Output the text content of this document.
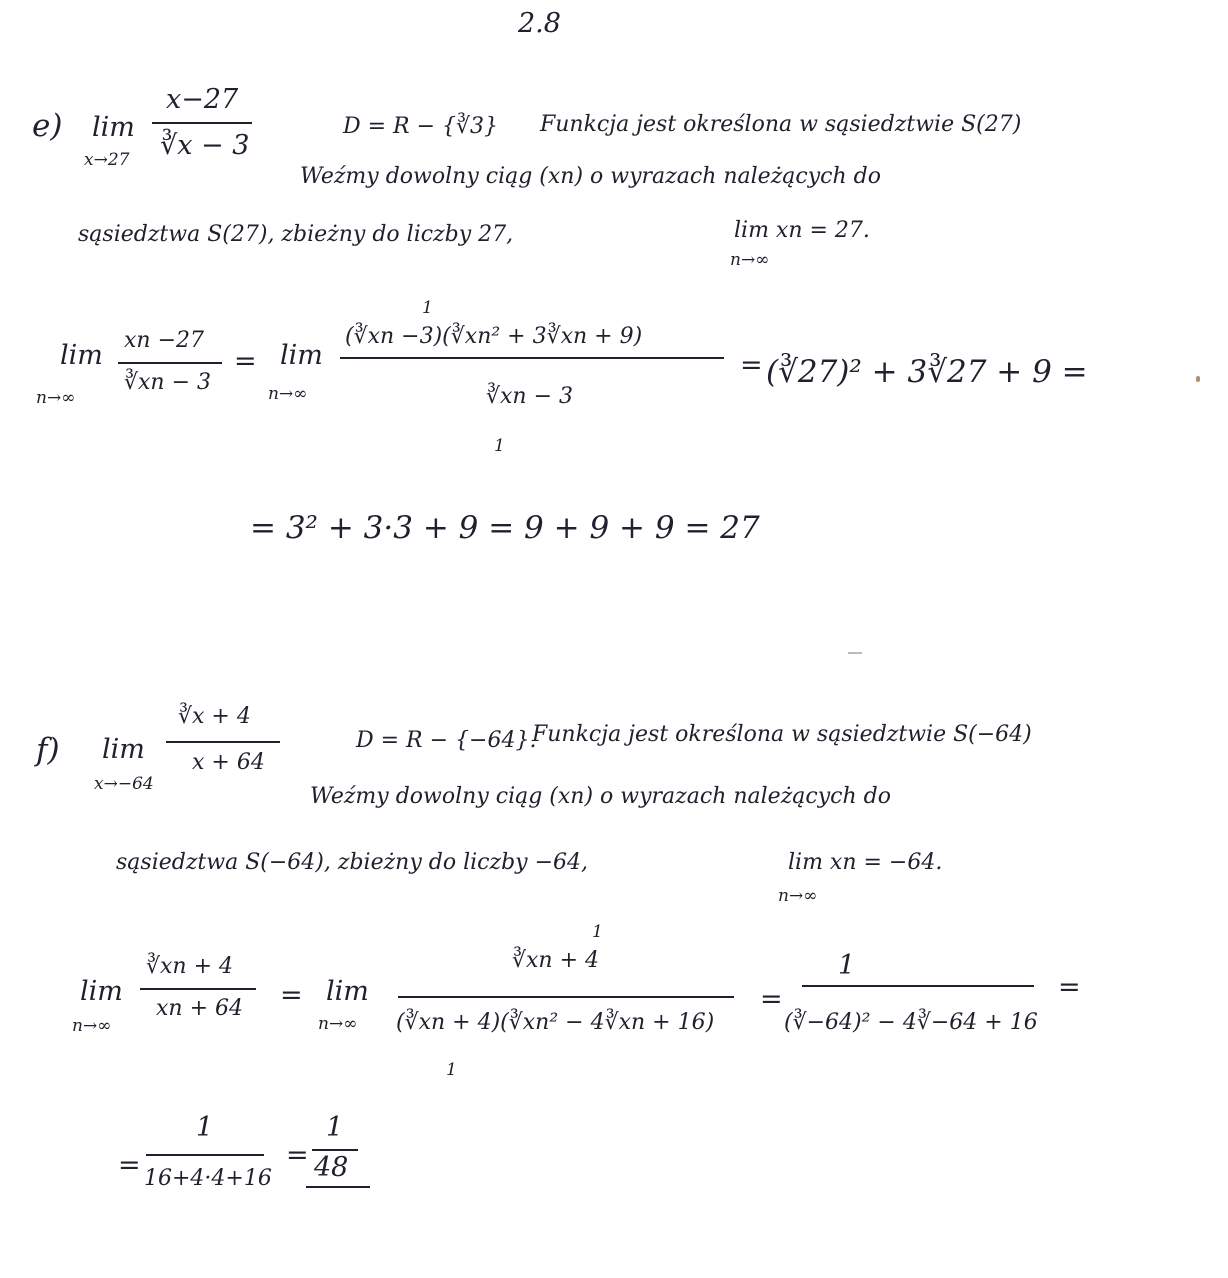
2.8
e) lim
x→27
x−27
∛x − 3
D = R − {∛3} Funkcja jest określona w sąsiedztwie S(27)
Weźmy dowolny ciąg (xn) o wyrazach należących do
sąsiedztwa S(27), zbieżny do liczby 27,	lim xn = 27.
n→∞
lim
n→∞
xn −27
∛xn − 3
= lim
n→∞
1
(∛xn −3)(∛xn² + 3∛xn + 9)
∛xn − 3
1
= (∛27)² + 3∛27 + 9 =
= 3² + 3·3 + 9 = 9 + 9 + 9 = 27
f) lim
x→−64
∛x + 4
x + 64
D = R − {−64}.
Funkcja jest określona w sąsiedztwie S(−64)
Weźmy dowolny ciąg (xn) o wyrazach należących do
sąsiedztwa S(−64), zbieżny do liczby −64,	lim xn = −64.
n→∞
lim
n→∞
∛xn + 4
xn + 64 = lim
n→∞
1
∛xn + 4
(∛xn + 4)(∛xn² − 4∛xn + 16)
1
=
1
(∛−64)² − 4∛−64 + 16
=
=
1
16+4·4+16
=
1
48
